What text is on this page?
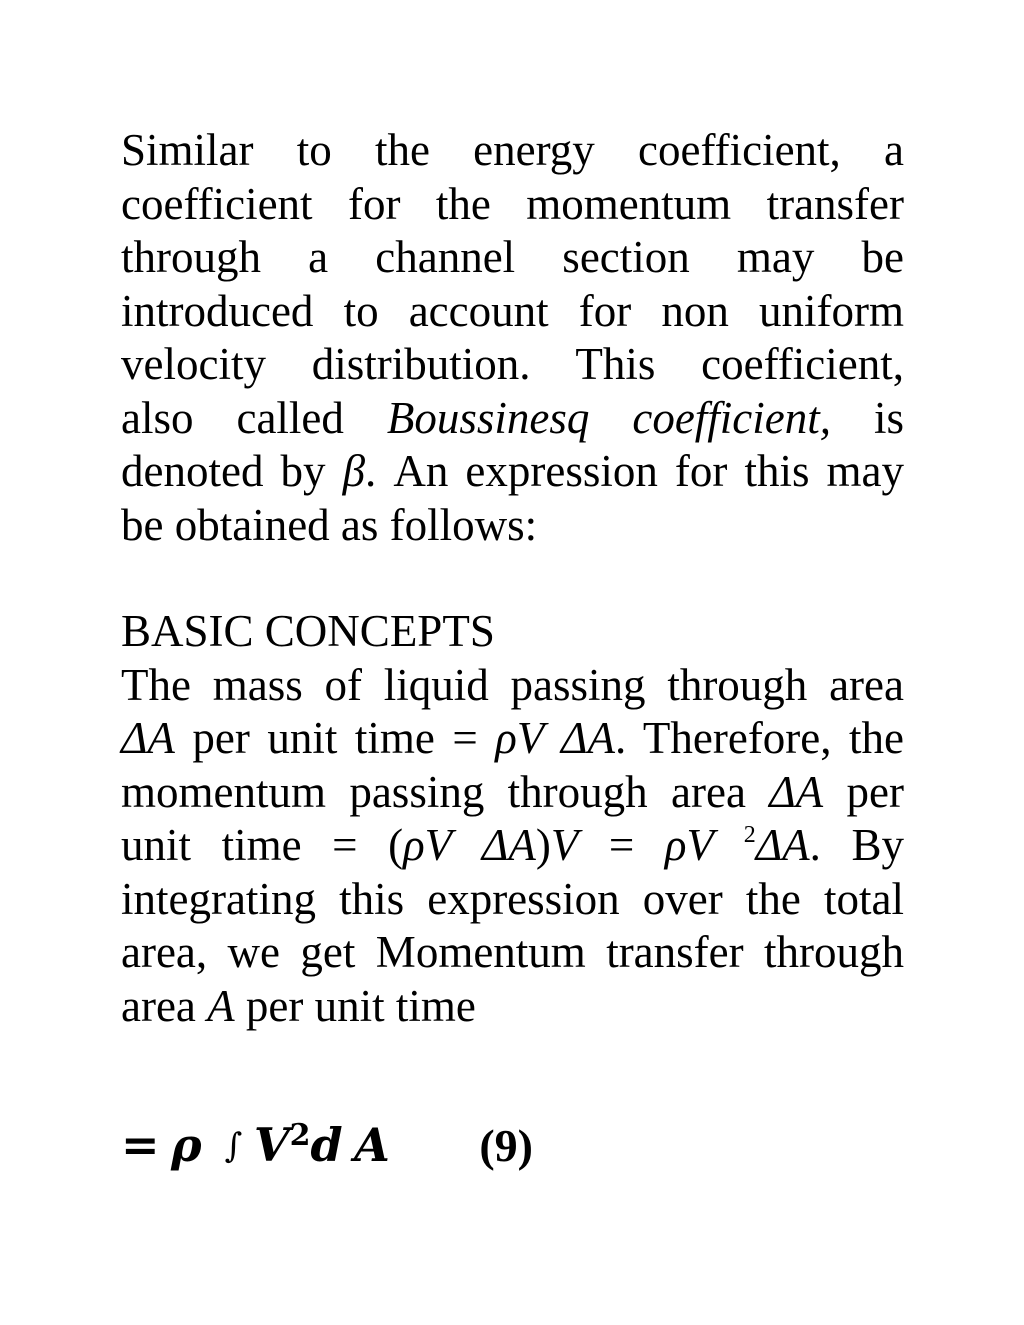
Similar to the energy coefficient, a
coefficient for the momentum transfer
through a channel section may be
introduced to account for non uniform
velocity distribution. This coefficient,
also called Boussinesq coefficient, is
denoted by β. An expression for this may
be obtained as follows:

BASIC CONCEPTS

The mass of liquid passing through area
ΔA per unit time = ρV ΔA. Therefore, the
momentum passing through area ΔA per
unit time = (ρV ΔA)V = ρV $^2$ΔA. By
integrating this expression over the total
area, we get Momentum transfer through
area A per unit time
= ρ ∫ $V^2d$ A (9)
